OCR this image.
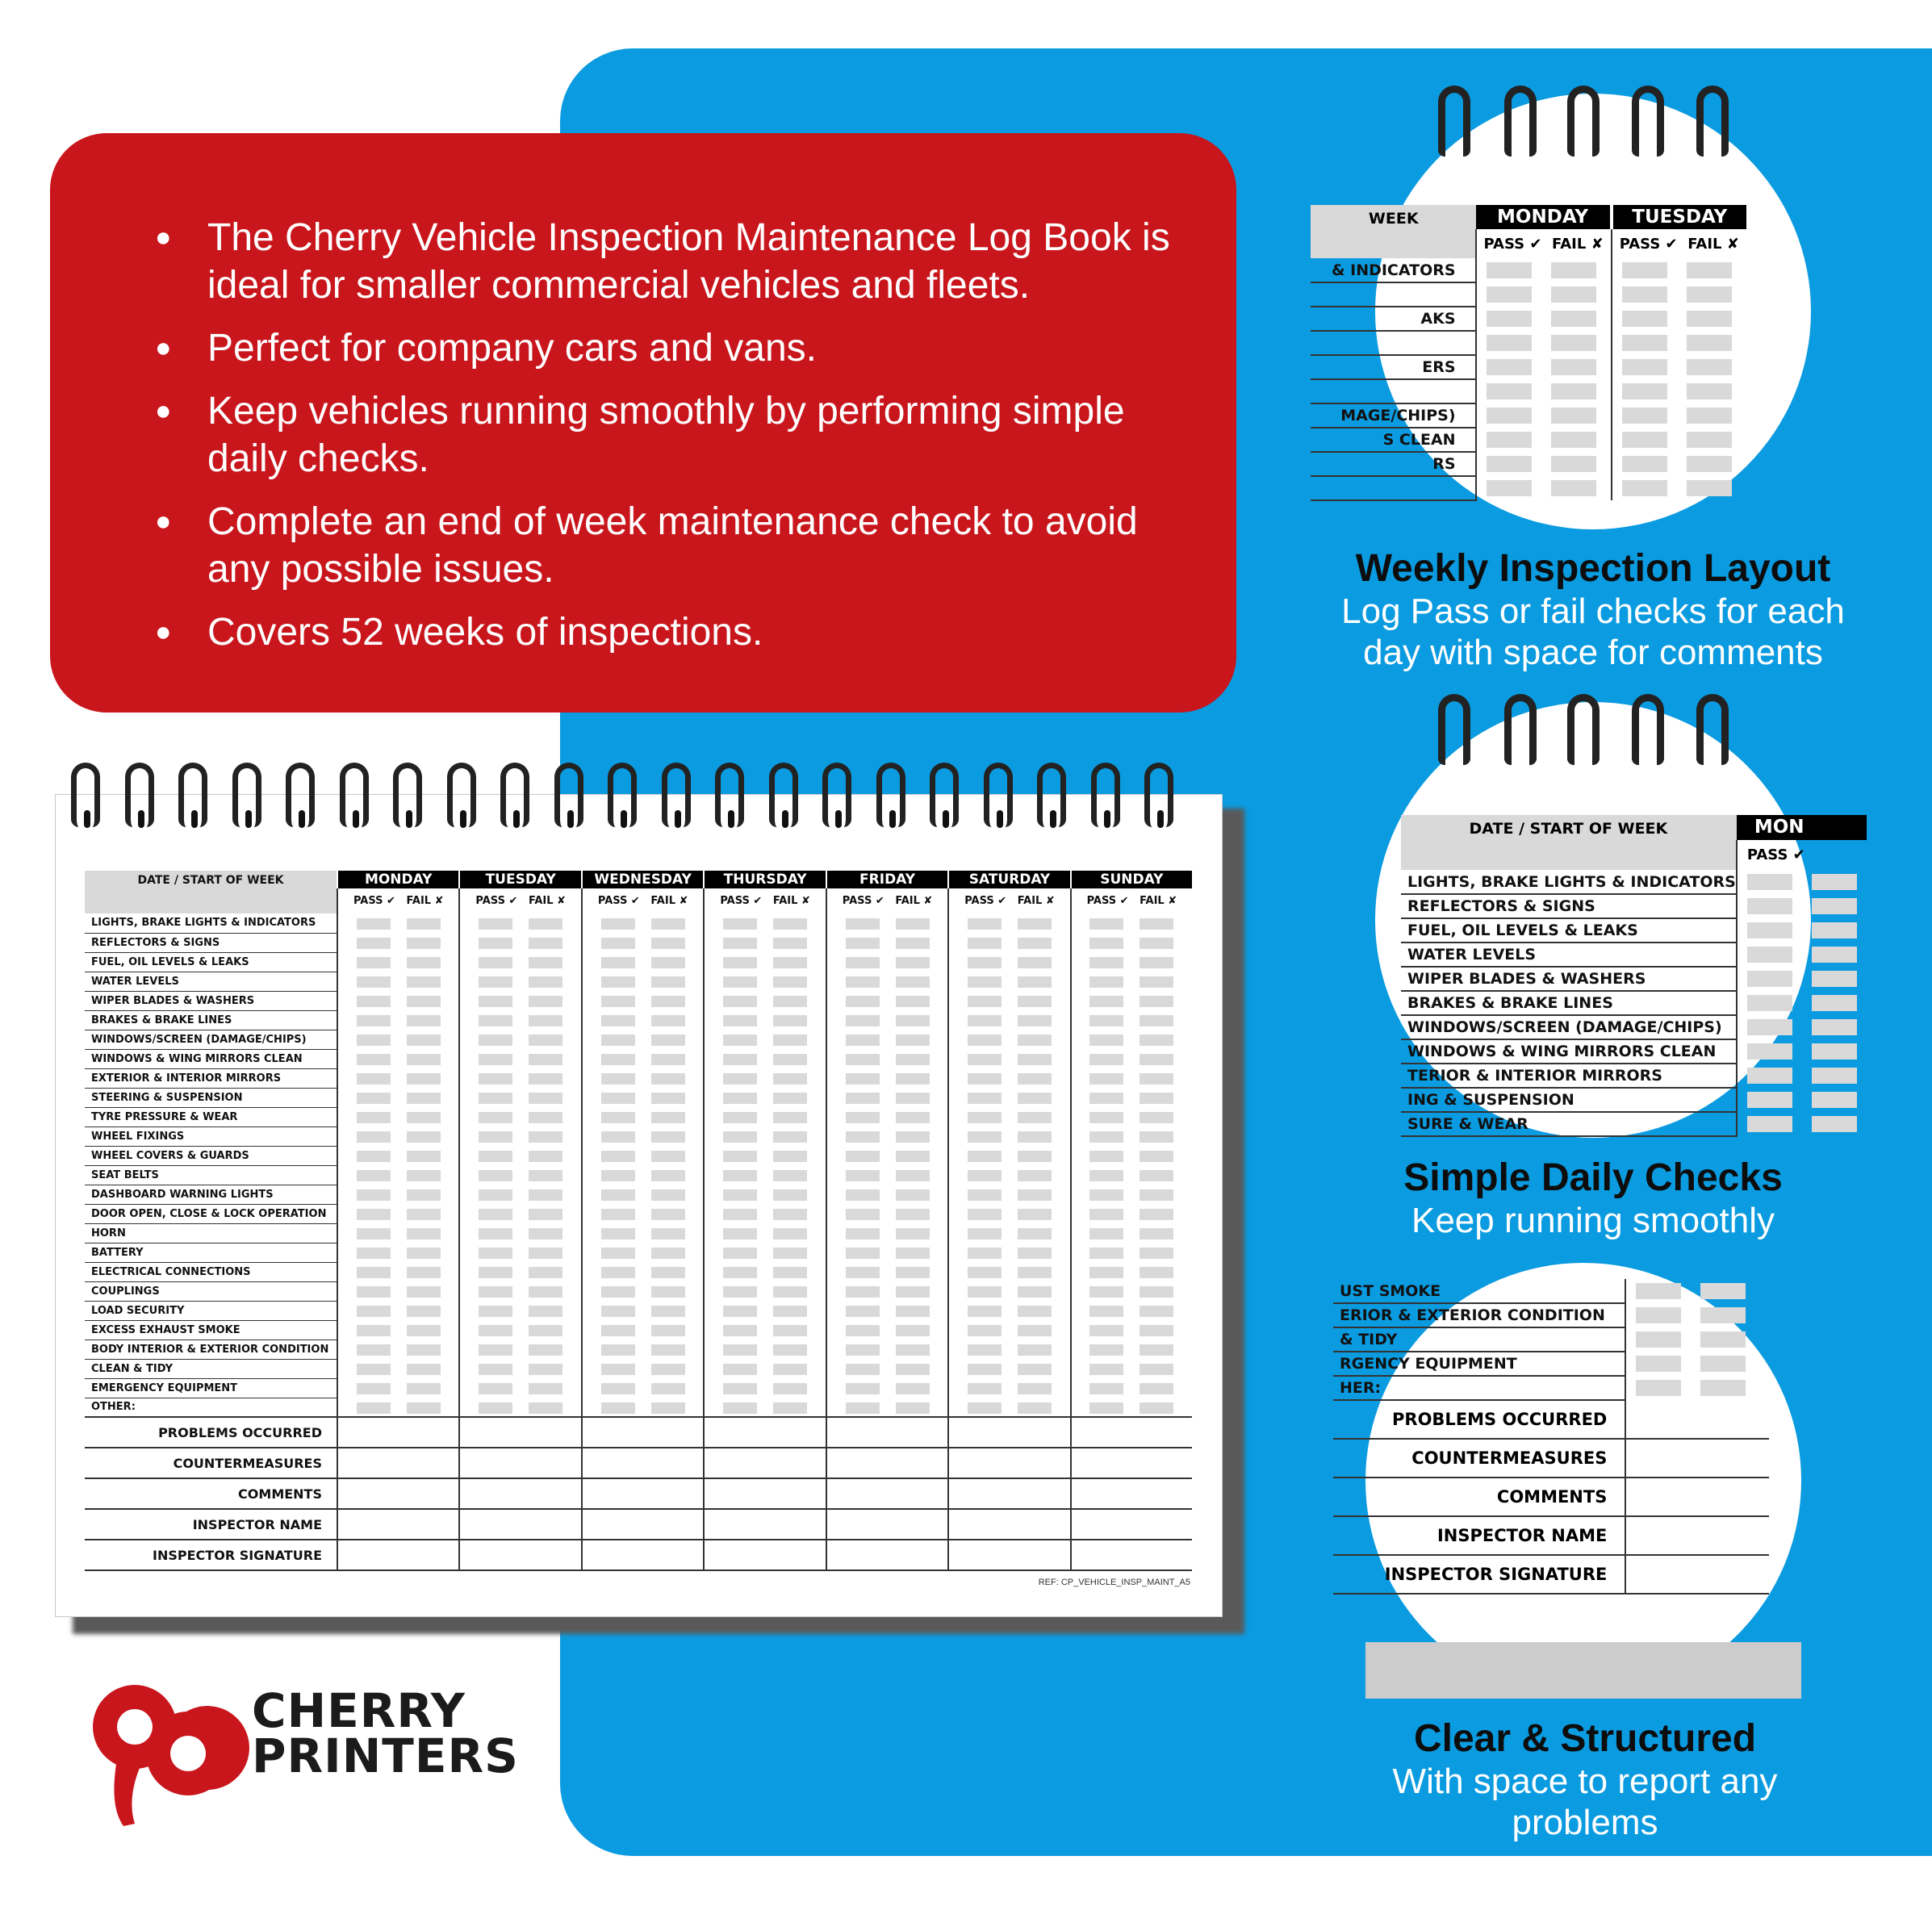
● The Cherry Vehicle Inspection Maintenance Log Book is ideal for smaller commercial vehicles and fleets.
● Perfect for company cars and vans.
● Keep vehicles running smoothly by performing simple daily checks.
● Complete an end of week maintenance check to avoid any possible issues.
● Covers 52 weeks of inspections.
DATE / START OF WEEK	MONDAY	TUESDAY	WEDNESDAY	THURSDAY	FRIDAY	SATURDAY	SUNDAY
	PASS ✔ FAIL ✘	PASS ✔ FAIL ✘	PASS ✔ FAIL ✘	PASS ✔ FAIL ✘	PASS ✔ FAIL ✘	PASS ✔ FAIL ✘	PASS ✔ FAIL ✘
LIGHTS, BRAKE LIGHTS & INDICATORS							
REFLECTORS & SIGNS							
FUEL, OIL LEVELS & LEAKS							
WATER LEVELS							
WIPER BLADES & WASHERS							
BRAKES & BRAKE LINES							
WINDOWS/SCREEN (DAMAGE/CHIPS)							
WINDOWS & WING MIRRORS CLEAN							
EXTERIOR & INTERIOR MIRRORS							
STEERING & SUSPENSION							
TYRE PRESSURE & WEAR							
WHEEL FIXINGS							
WHEEL COVERS & GUARDS							
SEAT BELTS							
DASHBOARD WARNING LIGHTS							
DOOR OPEN, CLOSE & LOCK OPERATION							
HORN							
BATTERY							
ELECTRICAL CONNECTIONS							
COUPLINGS							
LOAD SECURITY							
EXCESS EXHAUST SMOKE							
BODY INTERIOR & EXTERIOR CONDITION							
CLEAN & TIDY							
EMERGENCY EQUIPMENT							
OTHER:							
PROBLEMS OCCURRED							
COUNTERMEASURES							
COMMENTS							
INSPECTOR NAME							
INSPECTOR SIGNATURE							
REF: CP_VEHICLE_INSP_MAINT_A5
CHERRY
PRINTERS
WEEK	MONDAY	TUESDAY
	PASS ✔ FAIL ✘	PASS ✔ FAIL ✘
& INDICATORS		

AKS		

ERS		

MAGE/CHIPS)		
S CLEAN		
RS		

Weekly Inspection Layout
Log Pass or fail checks for each day with space for comments
DATE / START OF WEEK	MON
	PASS ✔
LIGHTS, BRAKE LIGHTS & INDICATORS	
REFLECTORS & SIGNS	
FUEL, OIL LEVELS & LEAKS	
WATER LEVELS	
WIPER BLADES & WASHERS	
BRAKES & BRAKE LINES	
WINDOWS/SCREEN (DAMAGE/CHIPS)	
WINDOWS & WING MIRRORS CLEAN	
TERIOR & INTERIOR MIRRORS	
ING & SUSPENSION	
SURE & WEAR	
Simple Daily Checks
Keep running smoothly
UST SMOKE	
ERIOR & EXTERIOR CONDITION	
& TIDY	
RGENCY EQUIPMENT	
HER:	
PROBLEMS OCCURRED	
COUNTERMEASURES	
COMMENTS	
INSPECTOR NAME	
INSPECTOR SIGNATURE	
Clear & Structured
With space to report any problems
